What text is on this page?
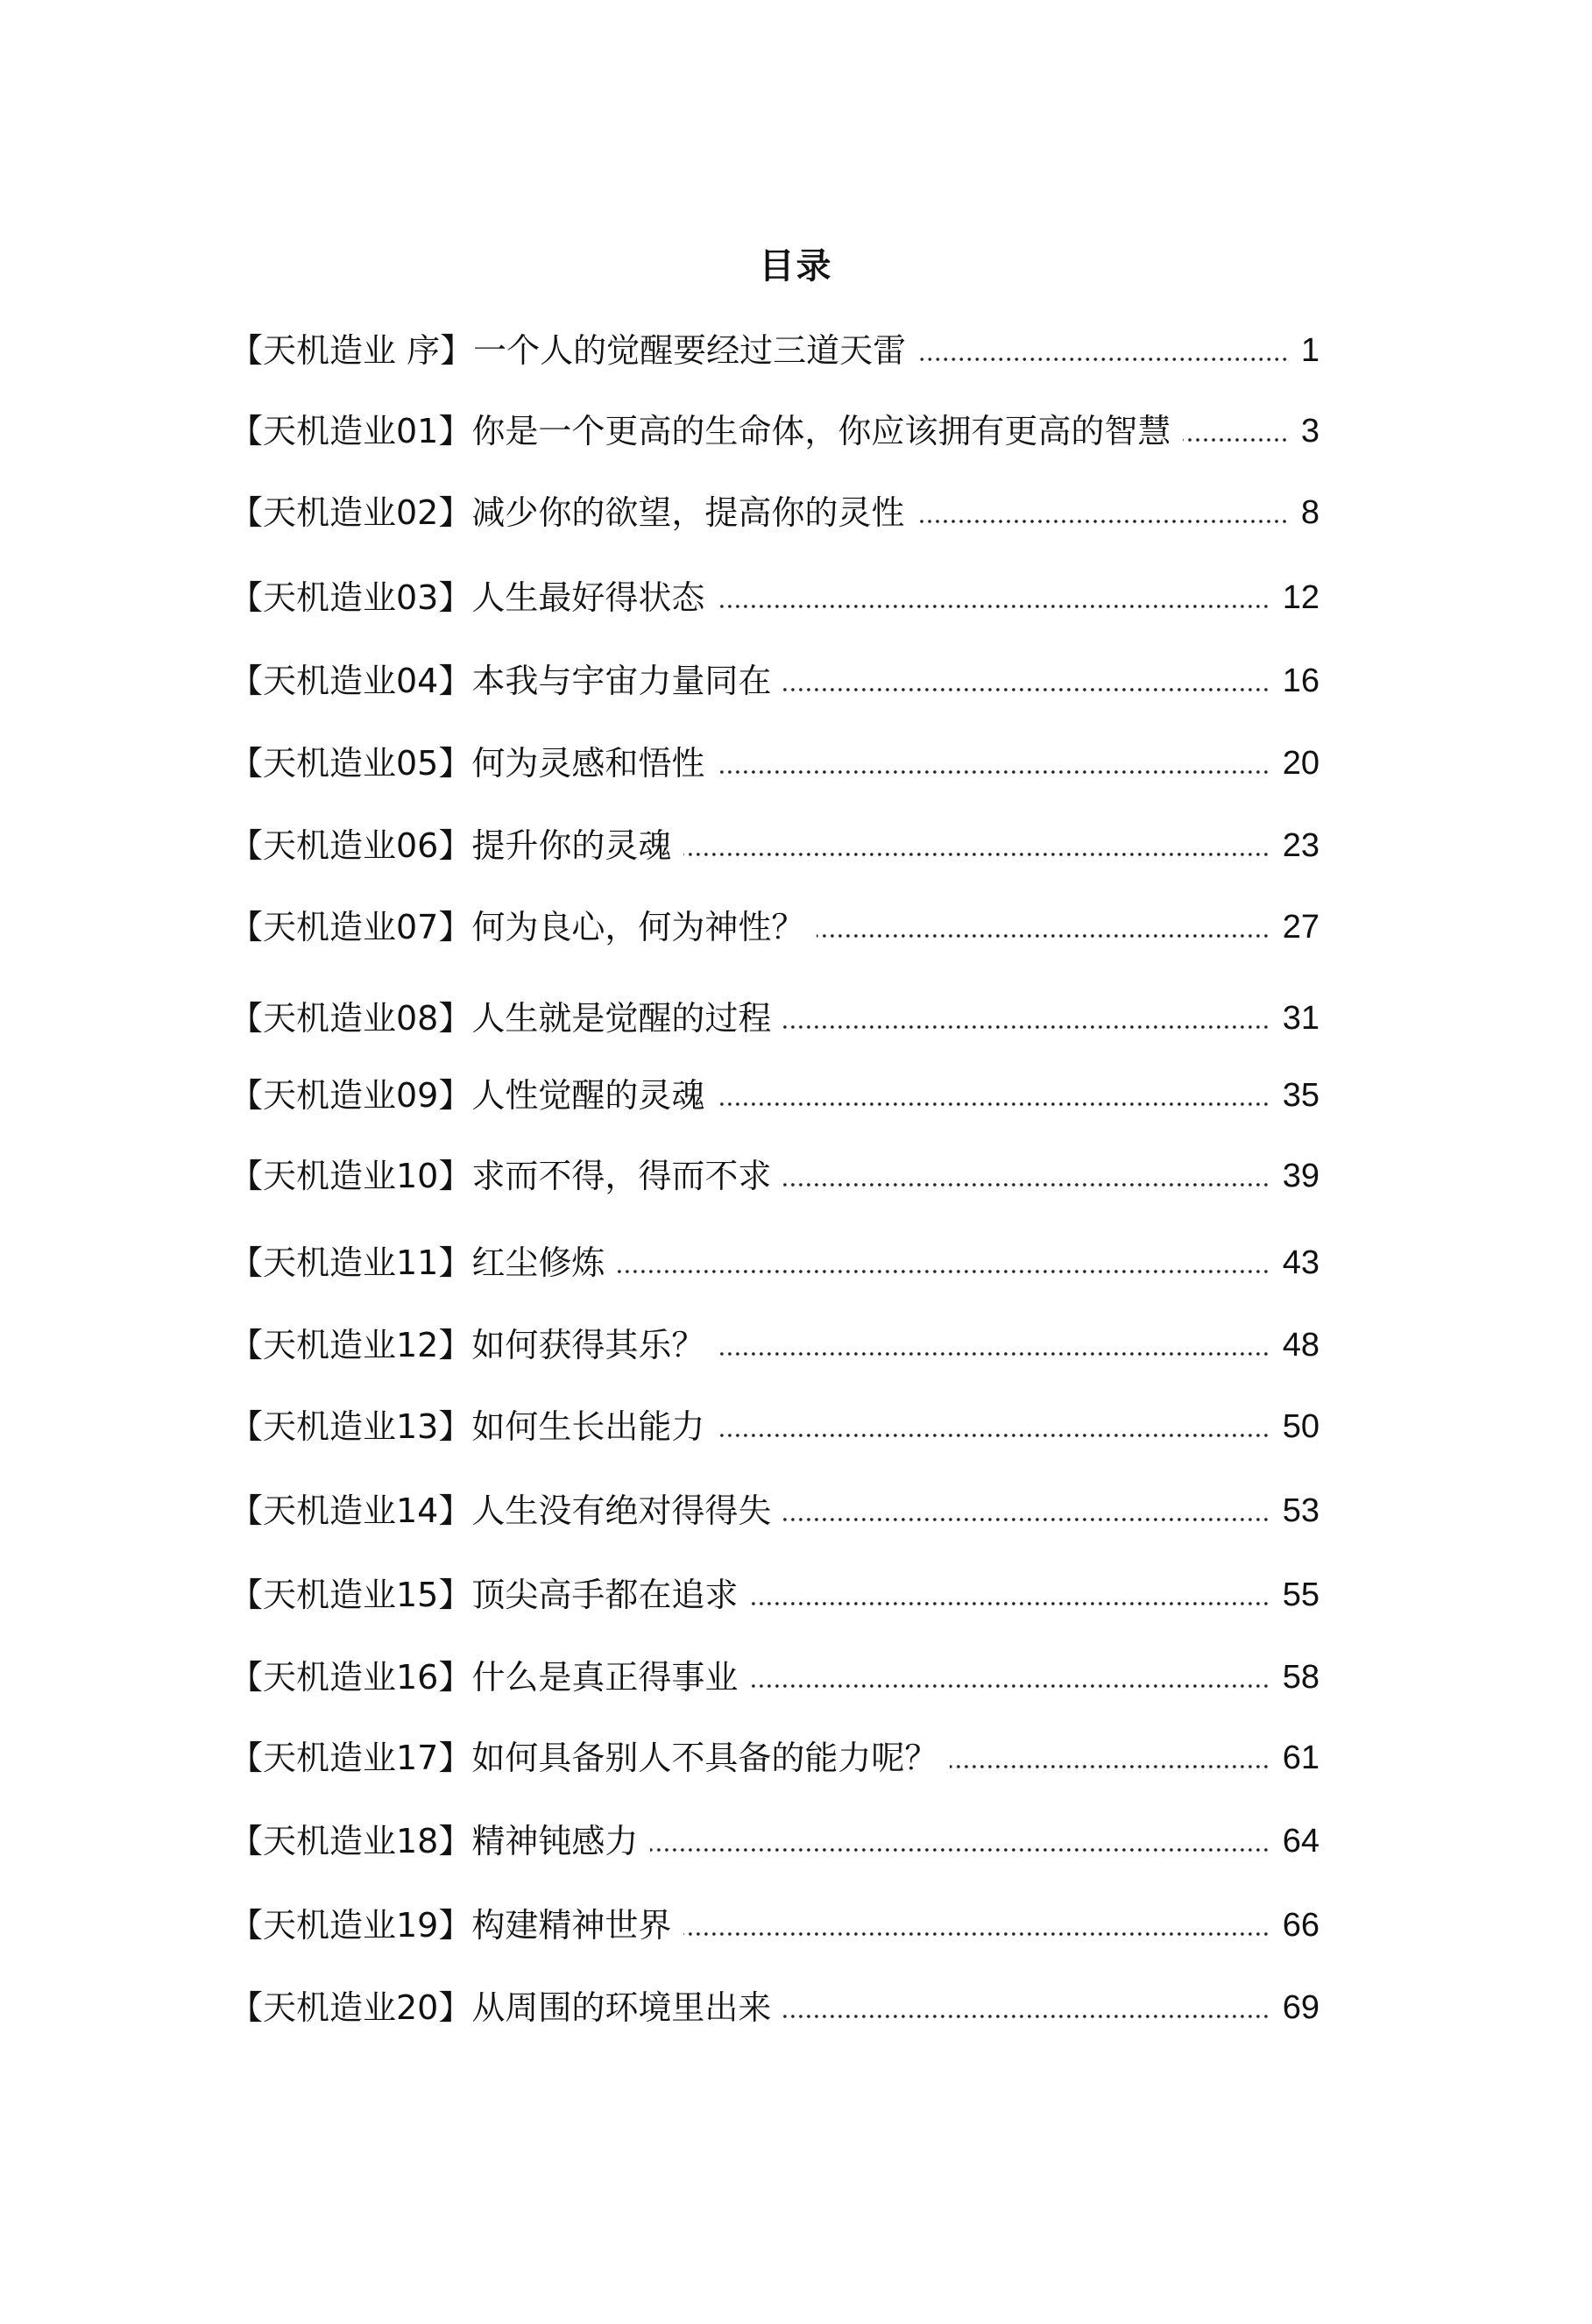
目录
【天机造业 序】一个人的觉醒要经过三道天雷	1
【天机造业01】你是一个更高的生命体，你应该拥有更高的智慧	3
【天机造业02】减少你的欲望，提高你的灵性	8
【天机造业03】人生最好得状态	12
【天机造业04】本我与宇宙力量同在	16
【天机造业05】何为灵感和悟性	20
【天机造业06】提升你的灵魂	23
【天机造业07】何为良心，何为神性？	27
【天机造业08】人生就是觉醒的过程	31
【天机造业09】人性觉醒的灵魂	35
【天机造业10】求而不得，得而不求	39
【天机造业11】红尘修炼	43
【天机造业12】如何获得其乐？	48
【天机造业13】如何生长出能力	50
【天机造业14】人生没有绝对得得失	53
【天机造业15】顶尖高手都在追求	55
【天机造业16】什么是真正得事业	58
【天机造业17】如何具备别人不具备的能力呢？	61
【天机造业18】精神钝感力	64
【天机造业19】构建精神世界	66
【天机造业20】从周围的环境里出来	69
